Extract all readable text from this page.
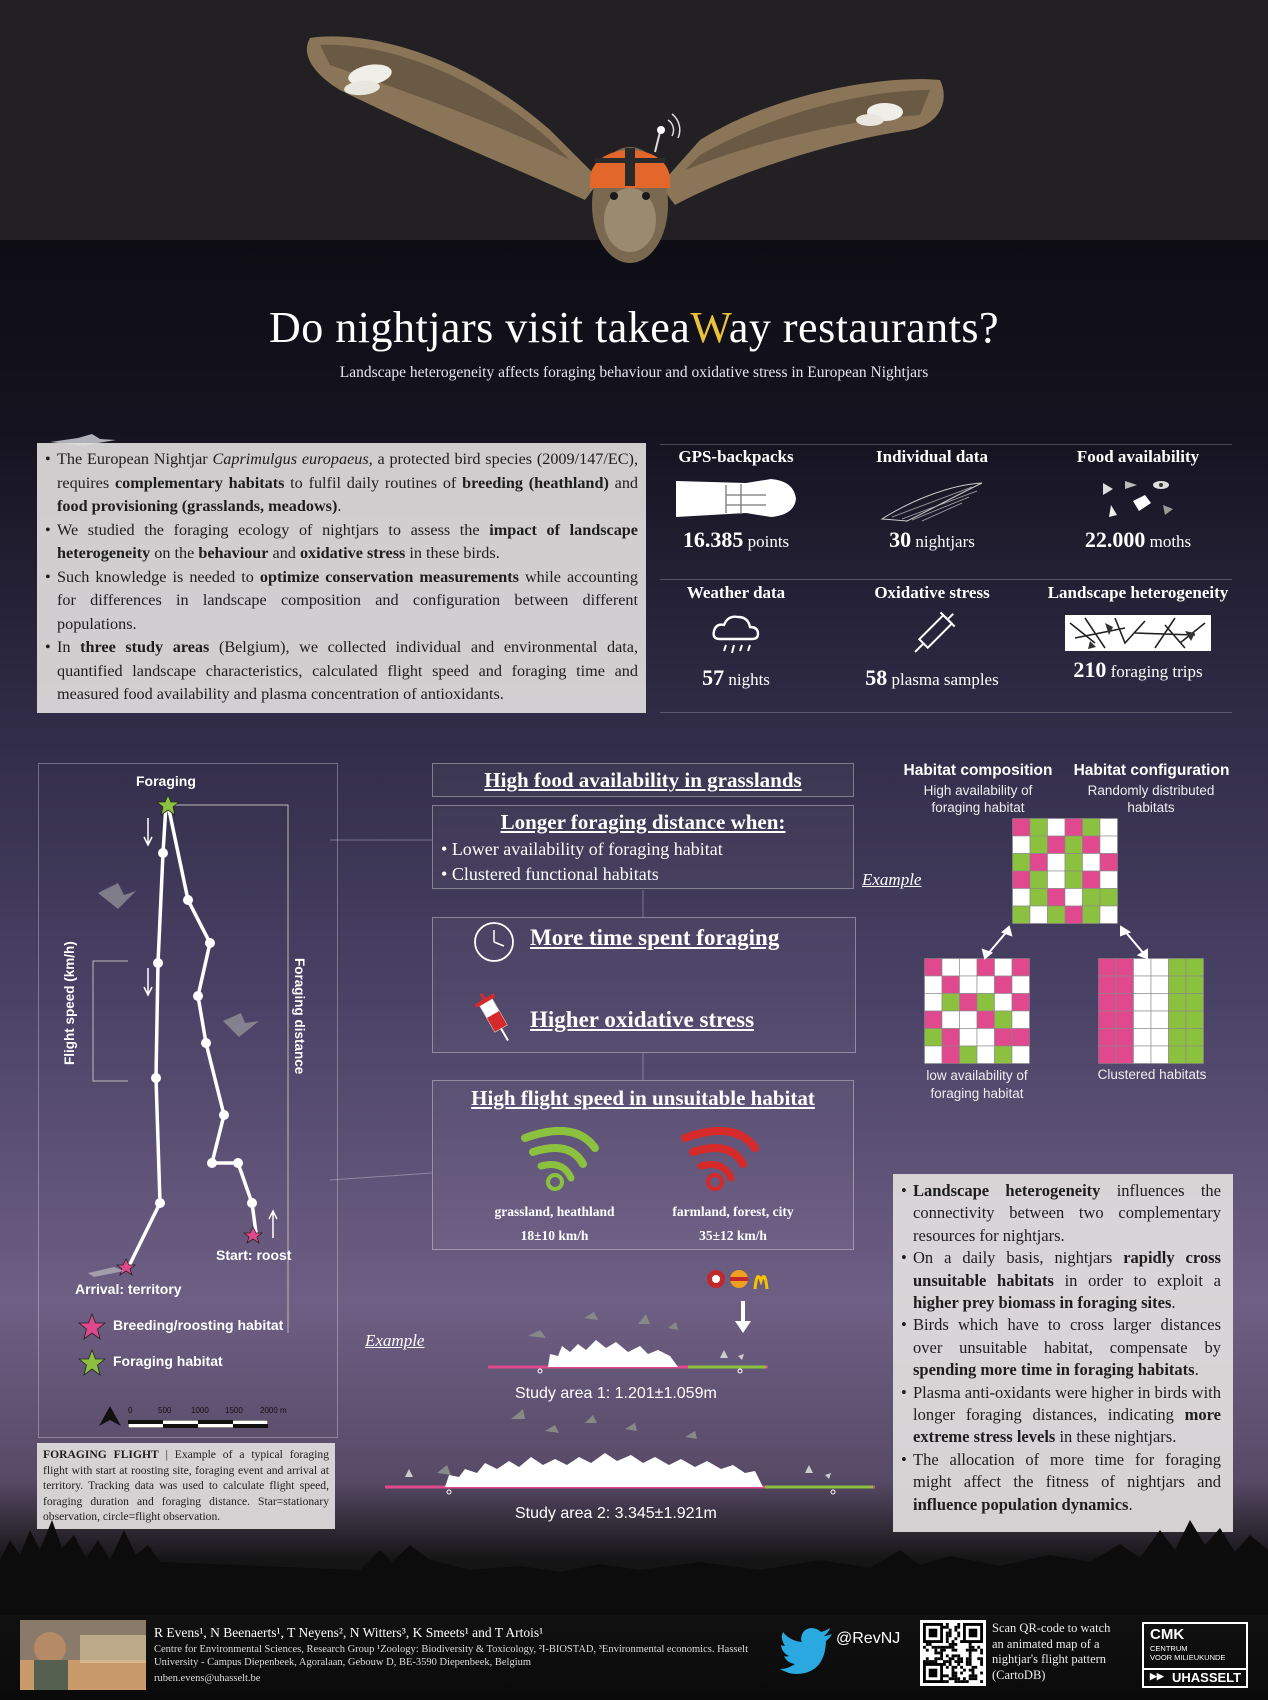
Do nightjars visit takeaWay restaurants?
Landscape heterogeneity affects foraging behaviour and oxidative stress in European Nightjars
• The European Nightjar Caprimulgus europaeus, a protected bird species (2009/147/EC), requires complementary habitats to fulfil daily routines of breeding (heathland) and food provisioning (grasslands, meadows).
• We studied the foraging ecology of nightjars to assess the impact of landscape heterogeneity on the behaviour and oxidative stress in these birds.
• Such knowledge is needed to optimize conservation measurements while accounting for differences in landscape composition and configuration between different populations.
• In three study areas (Belgium), we collected individual and environmental data, quantified landscape characteristics, calculated flight speed and foraging time and measured food availability and plasma concentration of antioxidants.
GPS-backpacks
16.385 points
Individual data
30 nightjars
Food availability
22.000 moths
Weather data
57 nights
Oxidative stress
58 plasma samples
Landscape heterogeneity
210 foraging trips
Foraging
Flight speed (km/h)	Foraging distance
Start: roost
Arrival: territory
Breeding/roosting habitat
Foraging habitat
0	500 1000 1500 2000 m
FORAGING FLIGHT | Example of a typical foraging flight with start at roosting site, foraging event and arrival at territory. Tracking data was used to calculate flight speed, foraging duration and foraging distance. Star=stationary observation, circle=flight observation.
High food availability in grasslands
Longer foraging distance when:
• Lower availability of foraging habitat
• Clustered functional habitats	Example
More time spent foraging
Higher oxidative stress
High flight speed in unsuitable habitat
grassland, heathland
18±10 km/h
farmland, forest, city
35±12 km/h
Habitat composition
High availability of foraging habitat
Habitat configuration
Randomly distributed habitats
low availability of foraging habitat
Clustered habitats
• Landscape heterogeneity influences the connectivity between two complementary resources for nightjars.
• On a daily basis, nightjars rapidly cross unsuitable habitats in order to exploit a higher prey biomass in foraging sites.
• Birds which have to cross larger distances over unsuitable habitat, compensate by spending more time in foraging habitats.
• Plasma anti-oxidants were higher in birds with longer foraging distances, indicating more extreme stress levels in these nightjars.
• The allocation of more time for foraging might affect the fitness of nightjars and influence population dynamics.
Example
Study area 1: 1.201±1.059m
Study area 2: 3.345±1.921m
R Evens¹, N Beenaerts¹, T Neyens², N Witters³, K Smeets¹ and T Artois¹
Centre for Environmental Sciences, Research Group ¹Zoology: Biodiversity & Toxicology, ²I-BIOSTAD, ³Environmental economics. Hasselt
University - Campus Diepenbeek, Agoralaan, Gebouw D, BE-3590 Diepenbeek, Belgium
ruben.evens@uhasselt.be
@RevNJ
Scan QR-code to watch an animated map of a nightjar's flight pattern (CartoDB)
CMK
CENTRUM
VOOR MILIEUKUNDE
▶▶ UHASSELT
